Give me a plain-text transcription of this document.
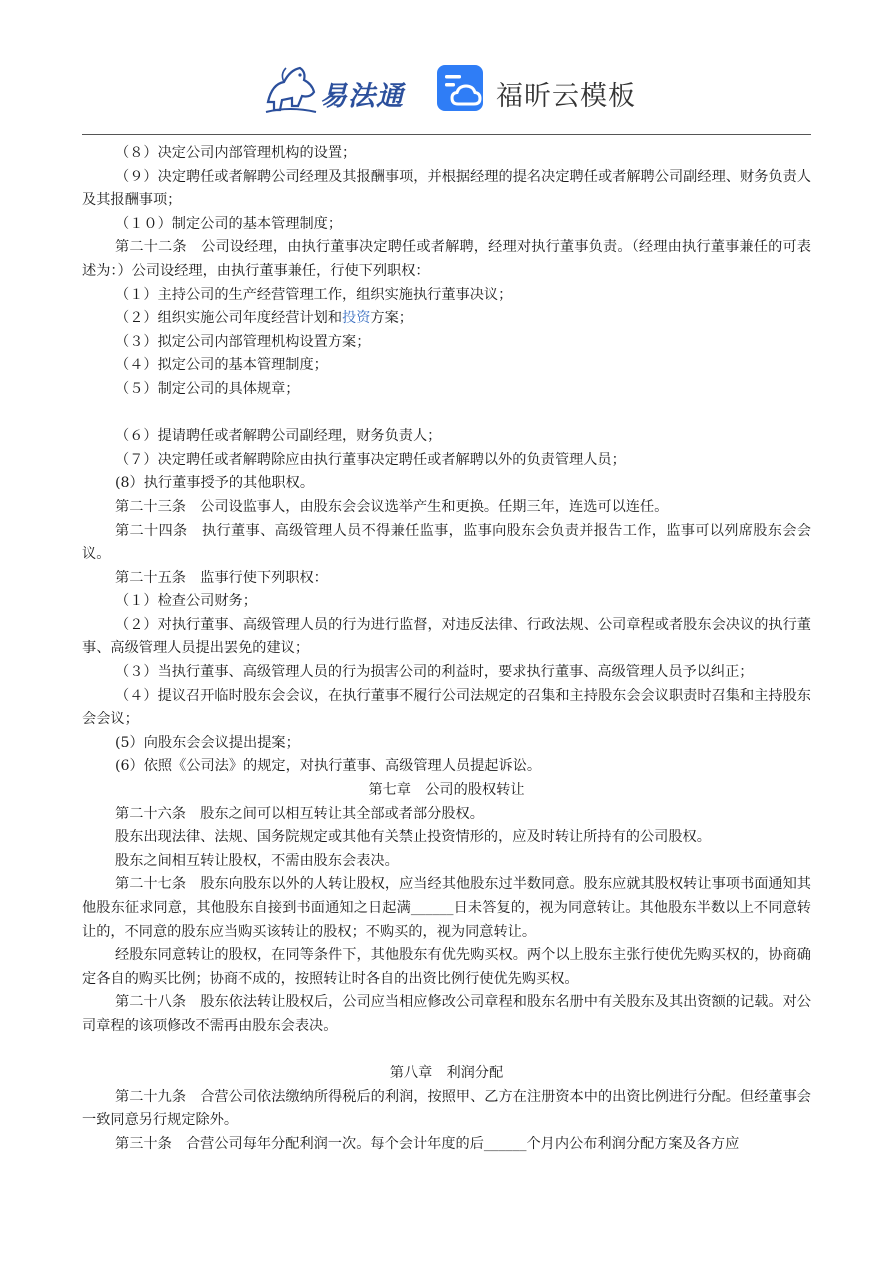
易法通	福昕云模板

（８）决定公司内部管理机构的设置；

（９）决定聘任或者解聘公司经理及其报酬事项，并根据经理的提名决定聘任或者解聘公司副经理、财务负责人及其报酬事项；

（１０）制定公司的基本管理制度；

第二十二条　公司设经理，由执行董事决定聘任或者解聘，经理对执行董事负责。（经理由执行董事兼任的可表述为：）公司设经理，由执行董事兼任，行使下列职权：

（１）主持公司的生产经营管理工作，组织实施执行董事决议；

（２）组织实施公司年度经营计划和投资方案；

（３）拟定公司内部管理机构设置方案；

（４）拟定公司的基本管理制度；

（５）制定公司的具体规章；

（６）提请聘任或者解聘公司副经理，财务负责人；

（７）决定聘任或者解聘除应由执行董事决定聘任或者解聘以外的负责管理人员；

(8）执行董事授予的其他职权。

第二十三条　公司设监事人，由股东会会议选举产生和更换。任期三年，连选可以连任。

第二十四条　执行董事、高级管理人员不得兼任监事，监事向股东会负责并报告工作，监事可以列席股东会会议。

第二十五条　监事行使下列职权：

（１）检查公司财务；

（２）对执行董事、高级管理人员的行为进行监督，对违反法律、行政法规、公司章程或者股东会决议的执行董事、高级管理人员提出罢免的建议；

（３）当执行董事、高级管理人员的行为损害公司的利益时，要求执行董事、高级管理人员予以纠正；

（４）提议召开临时股东会会议，在执行董事不履行公司法规定的召集和主持股东会会议职责时召集和主持股东会会议；

(5）向股东会会议提出提案；

(6）依照《公司法》的规定，对执行董事、高级管理人员提起诉讼。

第七章　公司的股权转让

第二十六条　股东之间可以相互转让其全部或者部分股权。

股东出现法律、法规、国务院规定或其他有关禁止投资情形的，应及时转让所持有的公司股权。

股东之间相互转让股权，不需由股东会表决。

第二十七条　股东向股东以外的人转让股权，应当经其他股东过半数同意。股东应就其股权转让事项书面通知其他股东征求同意，其他股东自接到书面通知之日起满______日未答复的，视为同意转让。其他股东半数以上不同意转让的，不同意的股东应当购买该转让的股权；不购买的，视为同意转让。

经股东同意转让的股权，在同等条件下，其他股东有优先购买权。两个以上股东主张行使优先购买权的，协商确定各自的购买比例；协商不成的，按照转让时各自的出资比例行使优先购买权。

第二十八条　股东依法转让股权后，公司应当相应修改公司章程和股东名册中有关股东及其出资额的记载。对公司章程的该项修改不需再由股东会表决。

第八章　利润分配

第二十九条　合营公司依法缴纳所得税后的利润，按照甲、乙方在注册资本中的出资比例进行分配。但经董事会一致同意另行规定除外。

第三十条　合营公司每年分配利润一次。每个会计年度的后______个月内公布利润分配方案及各方应
